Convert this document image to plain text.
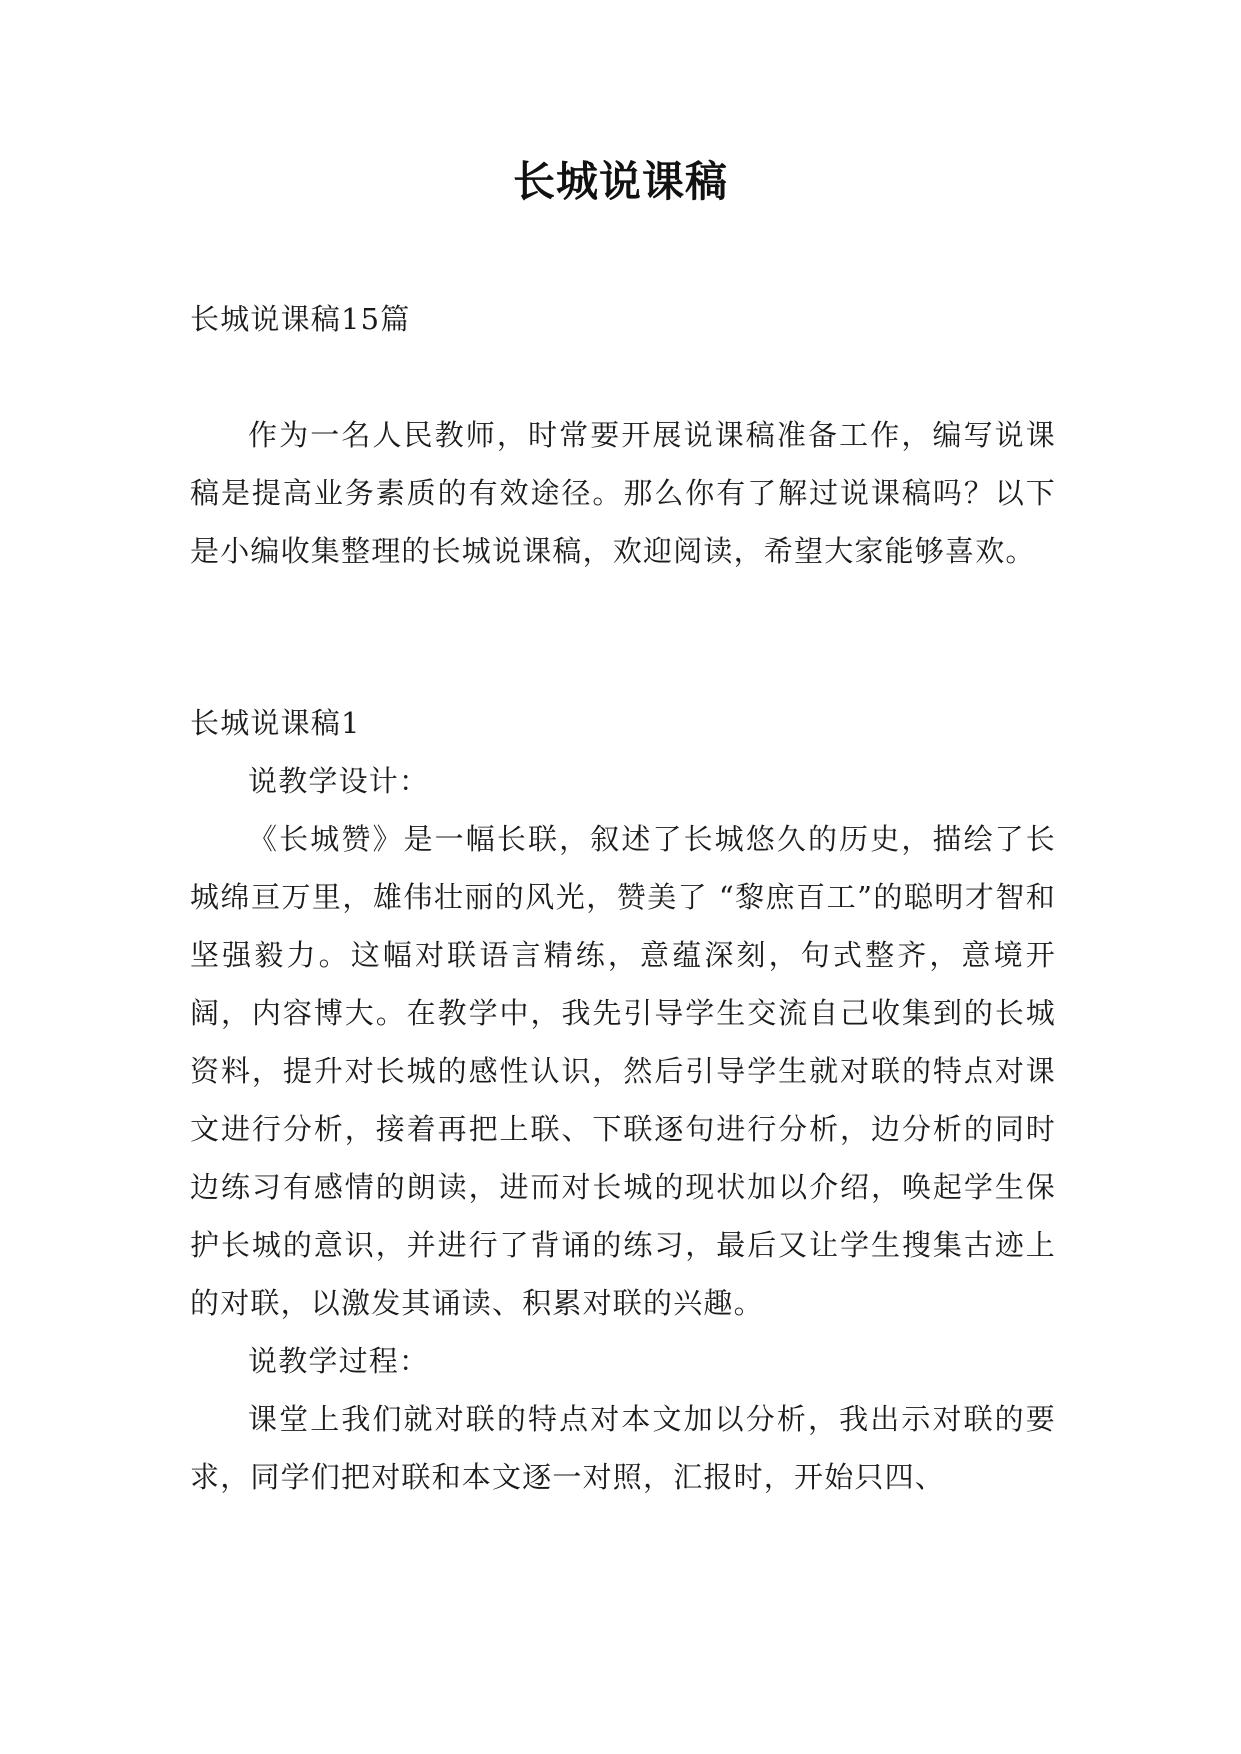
长城说课稿
长城说课稿15篇

作为一名人民教师，时常要开展说课稿准备工作，编写说课稿是提高业务素质的有效途径。那么你有了解过说课稿吗？以下是小编收集整理的长城说课稿，欢迎阅读，希望大家能够喜欢。

长城说课稿1

说教学设计：

《长城赞》是一幅长联，叙述了长城悠久的历史，描绘了长城绵亘万里，雄伟壮丽的风光，赞美了 “黎庶百工”的聪明才智和坚强毅力。这幅对联语言精练，意蕴深刻，句式整齐，意境开阔，内容博大。在教学中，我先引导学生交流自己收集到的长城资料，提升对长城的感性认识，然后引导学生就对联的特点对课文进行分析，接着再把上联、下联逐句进行分析，边分析的同时边练习有感情的朗读，进而对长城的现状加以介绍，唤起学生保护长城的意识，并进行了背诵的练习，最后又让学生搜集古迹上的对联，以激发其诵读、积累对联的兴趣。

说教学过程：

课堂上我们就对联的特点对本文加以分析，我出示对联的要求，同学们把对联和本文逐一对照，汇报时，开始只四、
